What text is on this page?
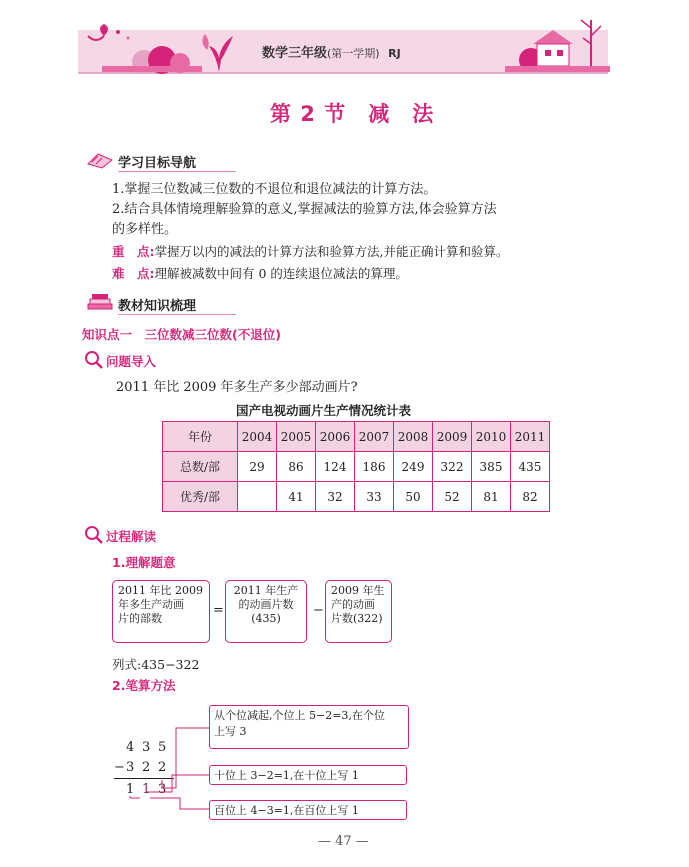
数学三年级(第一学期) RJ
第 2 节　减　法
学习目标导航
1.掌握三位数减三位数的不退位和退位减法的计算方法。
2.结合具体情境理解验算的意义,掌握减法的验算方法,体会验算方法
的多样性。
重　点:掌握万以内的减法的计算方法和验算方法,并能正确计算和验算。
难　点:理解被减数中间有 0 的连续退位减法的算理。
教材知识梳理
知识点一　三位数减三位数(不退位)
问题导入
2011 年比 2009 年多生产多少部动画片?
国产电视动画片生产情况统计表
年份	2004	2005	2006	2007	2008	2009	2010	2011
总数/部	29	86	124	186	249	322	385	435
优秀/部		41	32	33	50	52	81	82
过程解读
1.理解题意
2011 年比 2009
年多生产动画
片的部数
=
2011 年生产
的动画片数
(435)
−
2009 年生
产的动画
片数(322)
列式:435−322
2.笔算方法
4 3 5
− 3 2 2
1 1 3
从个位减起,个位上 5−2=3,在个位
上写 3
十位上 3−2=1,在十位上写 1
百位上 4−3=1,在百位上写 1
— 47 —
